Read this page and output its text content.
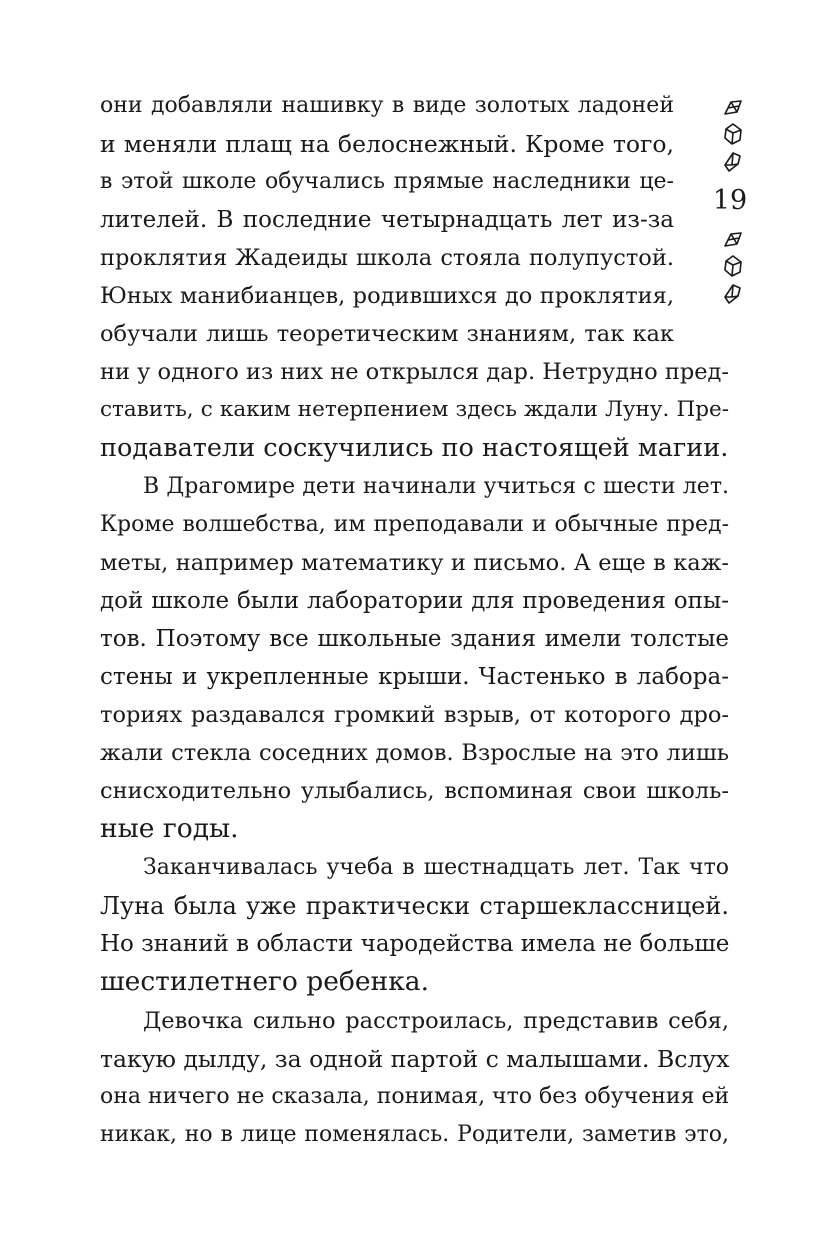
19
они добавляли нашивку в виде золотых ладоней
и меняли плащ на белоснежный. Кроме того,
в этой школе обучались прямые наследники це-
лителей. В последние четырнадцать лет из-за
проклятия Жадеиды школа стояла полупустой.
Юных манибианцев, родившихся до проклятия,
обучали лишь теоретическим знаниям, так как
ни у одного из них не открылся дар. Нетрудно пред-
ставить, с каким нетерпением здесь ждали Луну. Пре-
подаватели соскучились по настоящей магии.
В Драгомире дети начинали учиться с шести лет.
Кроме волшебства, им преподавали и обычные пред-
меты, например математику и письмо. А еще в каж-
дой школе были лаборатории для проведения опы-
тов. Поэтому все школьные здания имели толстые
стены и укрепленные крыши. Частенько в лабора-
ториях раздавался громкий взрыв, от которого дро-
жали стекла соседних домов. Взрослые на это лишь
снисходительно улыбались, вспоминая свои школь-
ные годы.
Заканчивалась учеба в шестнадцать лет. Так что
Луна была уже практически старшеклассницей.
Но знаний в области чародейства имела не больше
шестилетнего ребенка.
Девочка сильно расстроилась, представив себя,
такую дылду, за одной партой с малышами. Вслух
она ничего не сказала, понимая, что без обучения ей
никак, но в лице поменялась. Родители, заметив это,
